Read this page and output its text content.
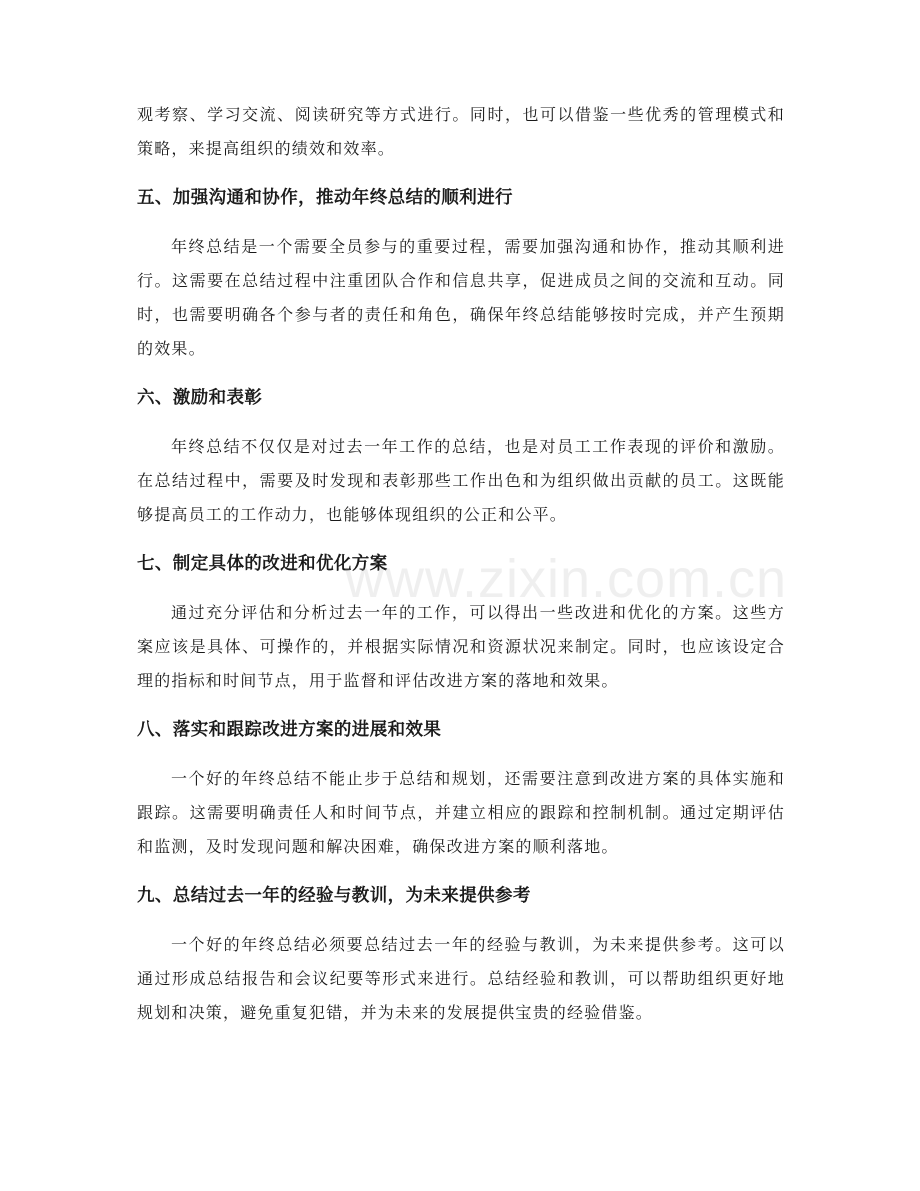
观考察、学习交流、阅读研究等方式进行。同时，也可以借鉴一些优秀的管理模式和策略，来提高组织的绩效和效率。

五、加强沟通和协作，推动年终总结的顺利进行

年终总结是一个需要全员参与的重要过程，需要加强沟通和协作，推动其顺利进行。这需要在总结过程中注重团队合作和信息共享，促进成员之间的交流和互动。同时，也需要明确各个参与者的责任和角色，确保年终总结能够按时完成，并产生预期的效果。

六、激励和表彰

年终总结不仅仅是对过去一年工作的总结，也是对员工工作表现的评价和激励。在总结过程中，需要及时发现和表彰那些工作出色和为组织做出贡献的员工。这既能够提高员工的工作动力，也能够体现组织的公正和公平。

七、制定具体的改进和优化方案

通过充分评估和分析过去一年的工作，可以得出一些改进和优化的方案。这些方案应该是具体、可操作的，并根据实际情况和资源状况来制定。同时，也应该设定合理的指标和时间节点，用于监督和评估改进方案的落地和效果。

八、落实和跟踪改进方案的进展和效果

一个好的年终总结不能止步于总结和规划，还需要注意到改进方案的具体实施和跟踪。这需要明确责任人和时间节点，并建立相应的跟踪和控制机制。通过定期评估和监测，及时发现问题和解决困难，确保改进方案的顺利落地。

九、总结过去一年的经验与教训，为未来提供参考

一个好的年终总结必须要总结过去一年的经验与教训，为未来提供参考。这可以通过形成总结报告和会议纪要等形式来进行。总结经验和教训，可以帮助组织更好地规划和决策，避免重复犯错，并为未来的发展提供宝贵的经验借鉴。

www.zixin.com.cn
